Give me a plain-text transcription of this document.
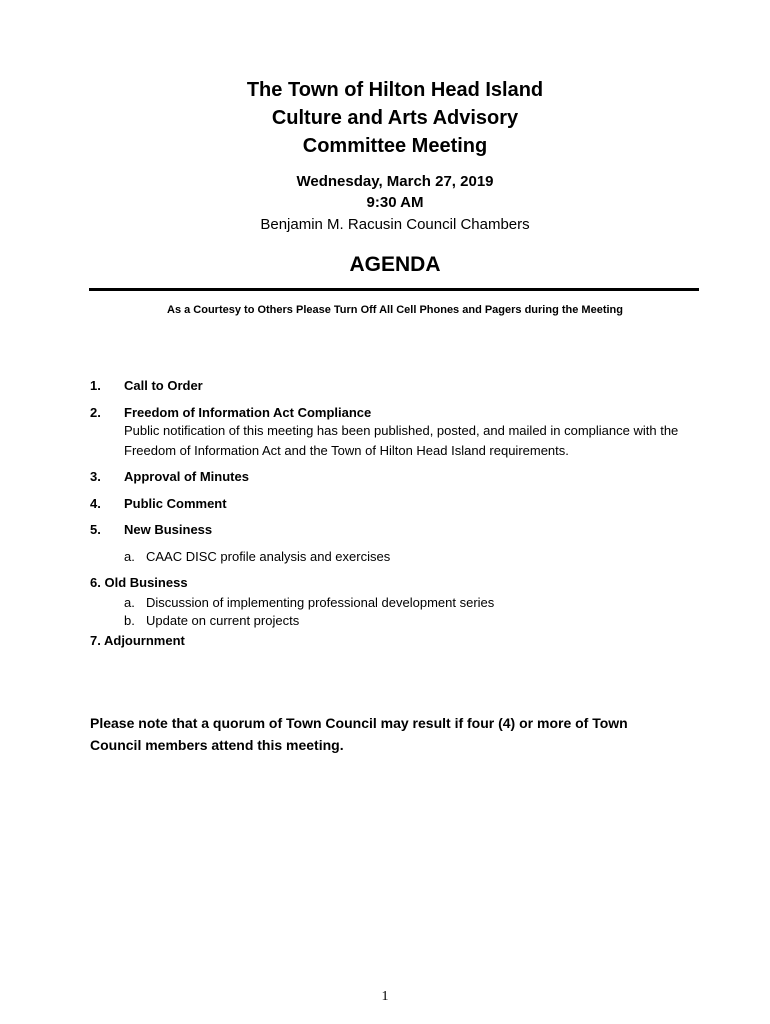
The Town of Hilton Head Island
Culture and Arts Advisory
Committee Meeting
Wednesday, March 27, 2019
9:30 AM
Benjamin M. Racusin Council Chambers
AGENDA
As a Courtesy to Others Please Turn Off All Cell Phones and Pagers during the Meeting
1. Call to Order
2. Freedom of Information Act Compliance
Public notification of this meeting has been published, posted, and mailed in compliance with the Freedom of Information Act and the Town of Hilton Head Island requirements.
3. Approval of Minutes
4. Public Comment
5. New Business
a. CAAC DISC profile analysis and exercises
6. Old Business
a. Discussion of implementing professional development series
b. Update on current projects
7. Adjournment
Please note that a quorum of Town Council may result if four (4) or more of Town Council members attend this meeting.
1
